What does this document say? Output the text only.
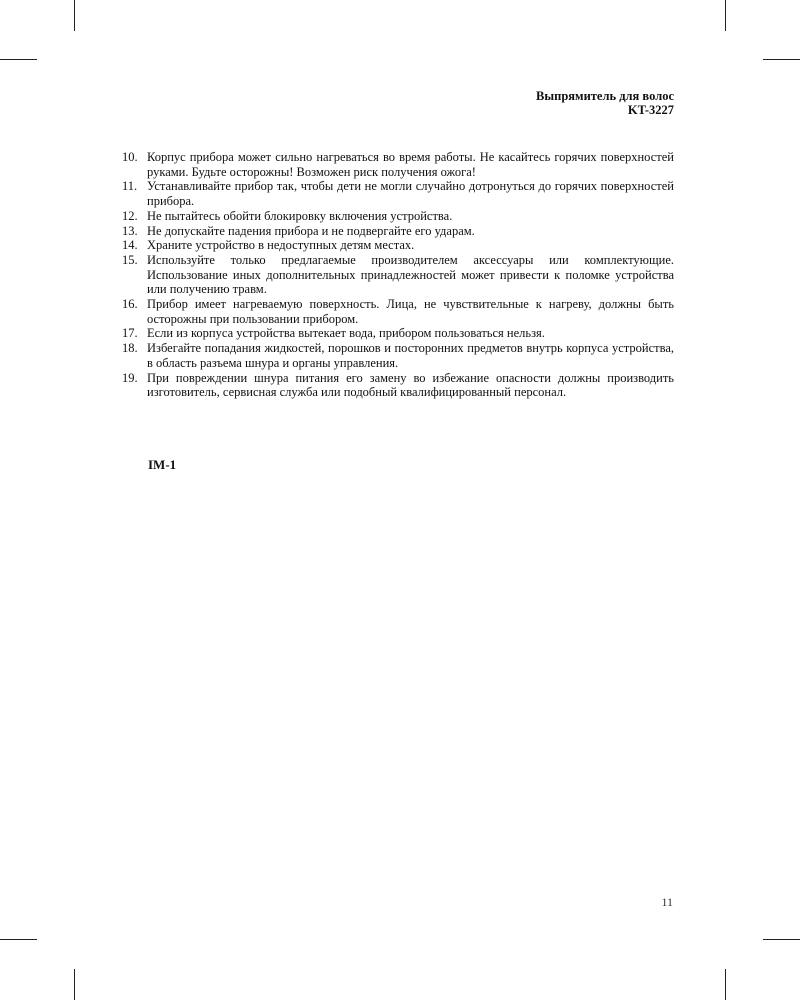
Выпрямитель для волос
KT-3227
10. Корпус прибора может сильно нагреваться во время работы. Не касайтесь горячих поверхностей руками. Будьте осторожны! Возможен риск получения ожога!
11. Устанавливайте прибор так, чтобы дети не могли случайно дотронуться до горячих поверхностей прибора.
12. Не пытайтесь обойти блокировку включения устройства.
13. Не допускайте падения прибора и не подвергайте его ударам.
14. Храните устройство в недоступных детям местах.
15. Используйте только предлагаемые производителем аксессуары или комплектующие. Использование иных дополнительных принадлежностей может привести к поломке устройства или получению травм.
16. Прибор имеет нагреваемую поверхность. Лица, не чувствительные к нагреву, должны быть осторожны при пользовании прибором.
17. Если из корпуса устройства вытекает вода, прибором пользоваться нельзя.
18. Избегайте попадания жидкостей, порошков и посторонних предметов внутрь корпуса устройства, в область разъема шнура и органы управления.
19. При повреждении шнура питания его замену во избежание опасности должны производить изготовитель, сервисная служба или подобный квалифицированный персонал.
IM-1
11
